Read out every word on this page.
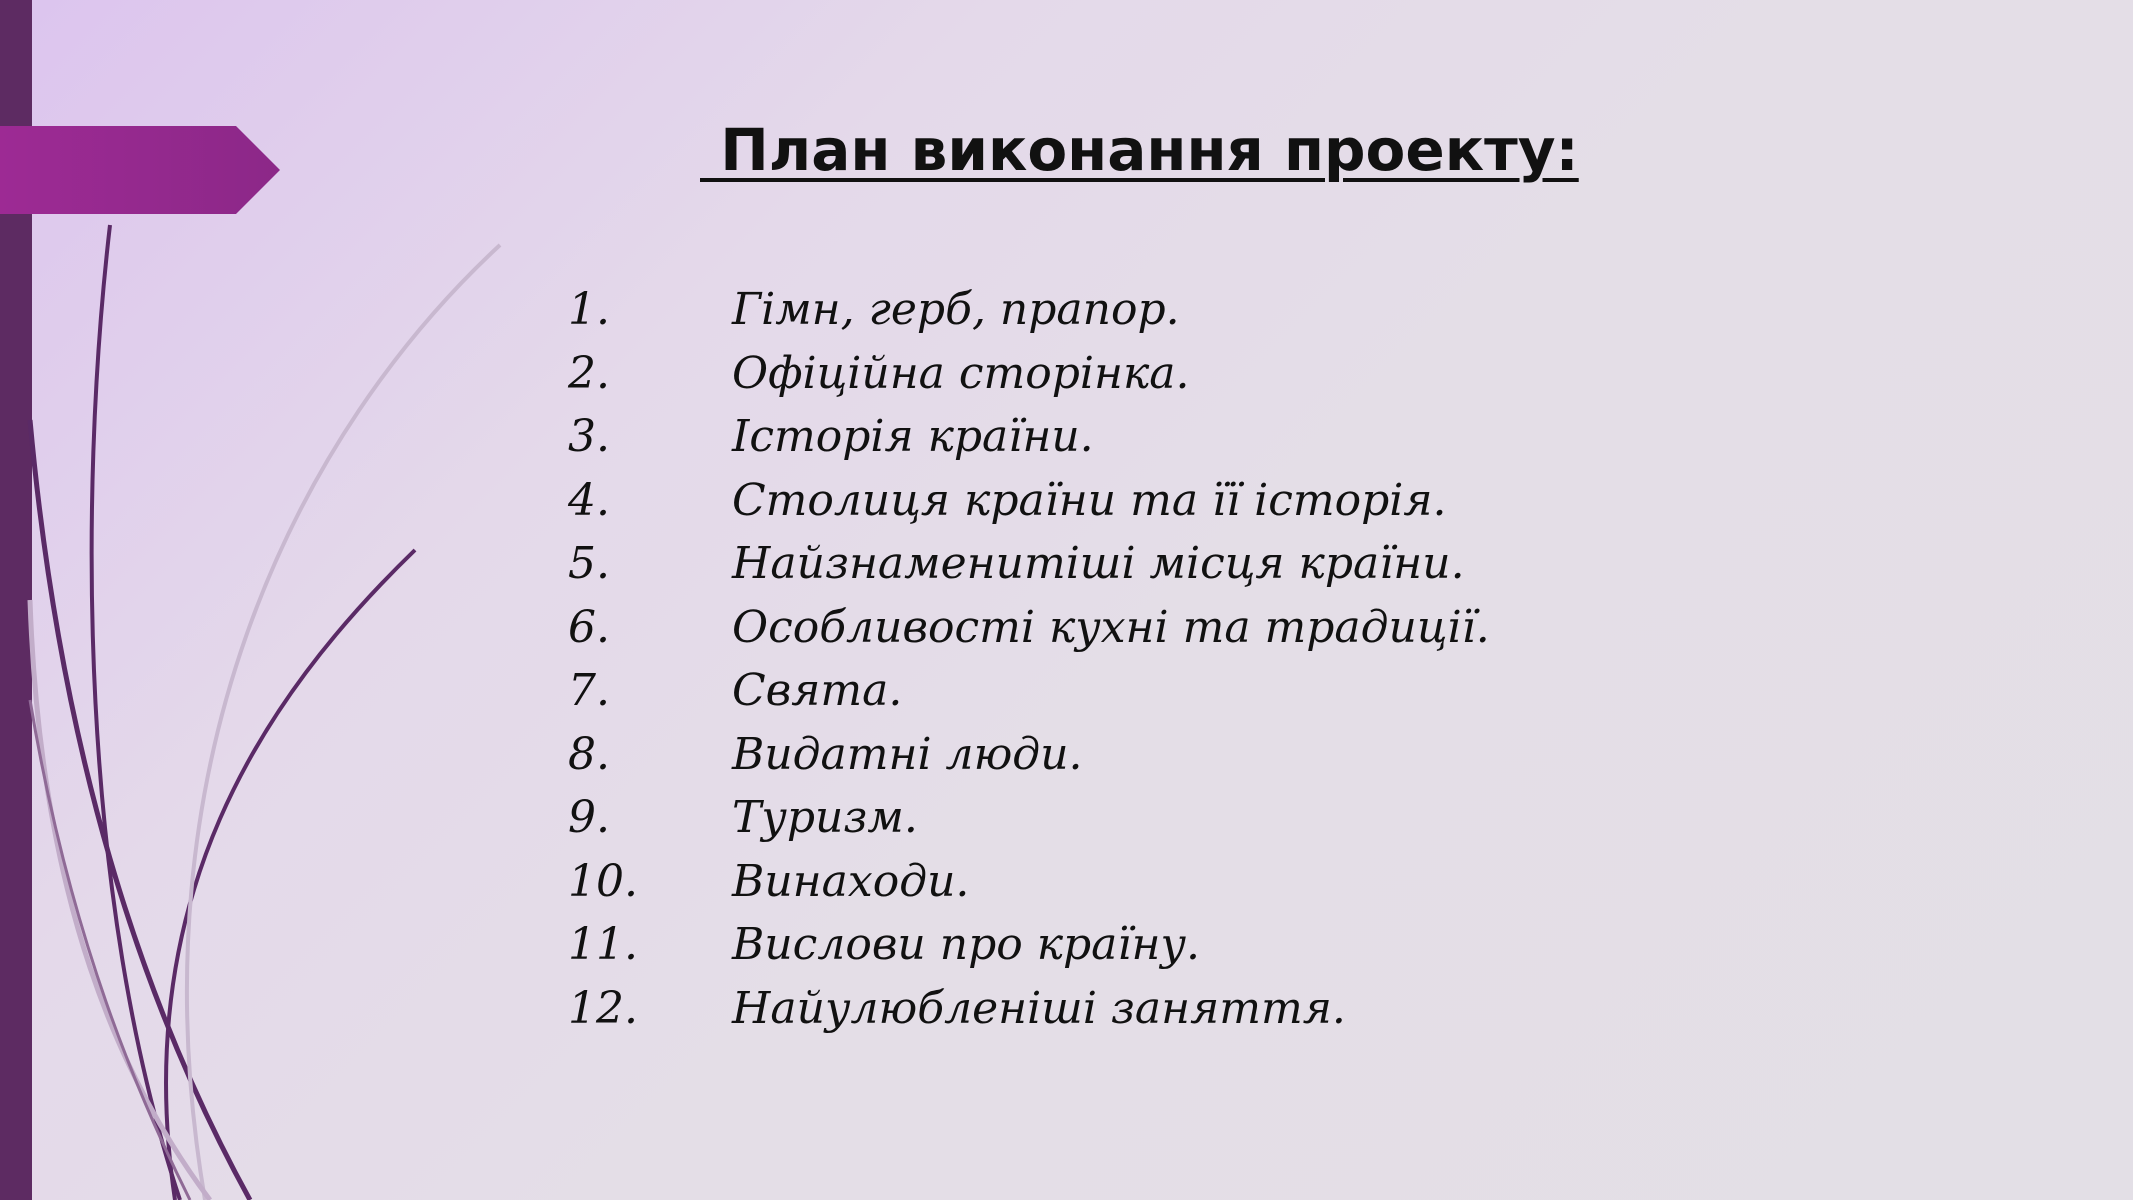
План виконання проекту:
1.	Гімн, герб, прапор.
2.	Офіційна сторінка.
3.	Історія країни.
4.	Столиця країни та її історія.
5.	Найзнаменитіші місця країни.
6.	Особливості кухні та традиції.
7.	Свята.
8.	Видатні люди.
9.	Туризм.
10.	Винаходи.
11.	Вислови про країну.
12.	Найулюбленіші заняття.
